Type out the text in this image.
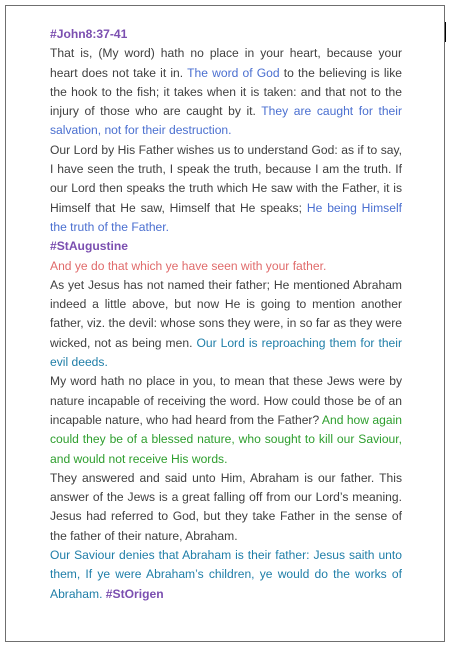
#John8:37-41

That is, (My word) hath no place in your heart, because your heart does not take it in. The word of God to the believing is like the hook to the fish; it takes when it is taken: and that not to the injury of those who are caught by it. They are caught for their salvation, not for their destruction.

Our Lord by His Father wishes us to understand God: as if to say, I have seen the truth, I speak the truth, because I am the truth. If our Lord then speaks the truth which He saw with the Father, it is Himself that He saw, Himself that He speaks; He being Himself the truth of the Father.

#StAugustine

And ye do that which ye have seen with your father.

As yet Jesus has not named their father; He mentioned Abraham indeed a little above, but now He is going to mention another father, viz. the devil: whose sons they were, in so far as they were wicked, not as being men. Our Lord is reproaching them for their evil deeds.

My word hath no place in you, to mean that these Jews were by nature incapable of receiving the word. How could those be of an incapable nature, who had heard from the Father? And how again could they be of a blessed nature, who sought to kill our Saviour, and would not receive His words.

They answered and said unto Him, Abraham is our father. This answer of the Jews is a great falling off from our Lord’s meaning. Jesus had referred to God, but they take Father in the sense of the father of their nature, Abraham.

Our Saviour denies that Abraham is their father: Jesus saith unto them, If ye were Abraham’s children, ye would do the works of Abraham. #StOrigen
